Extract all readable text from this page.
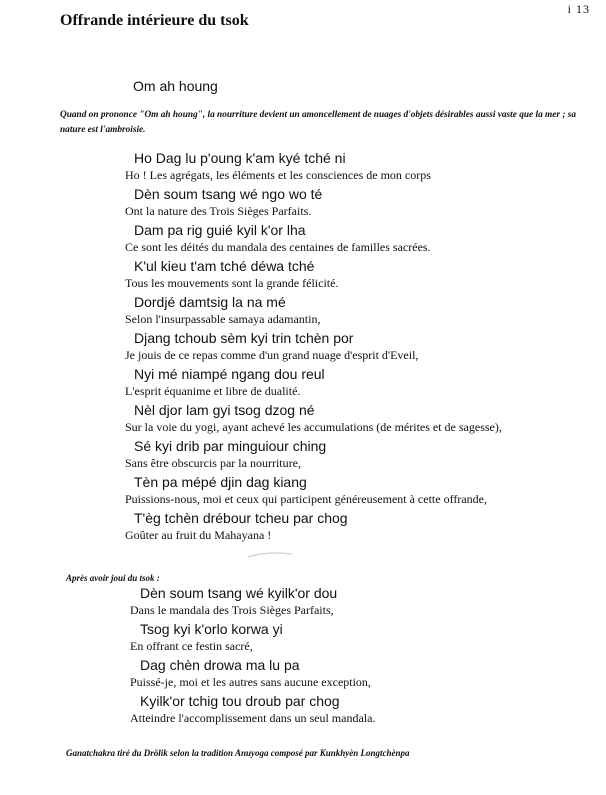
i 13
Offrande intérieure du tsok
Om ah houng
Quand on prononce "Om ah houng", la nourriture devient un amoncellement de nuages d'objets désirables aussi vaste que la mer ; sa nature est l'ambroisie.
Ho Dag lu p'oung k'am kyé tché ni
Ho ! Les agrégats, les éléments et les consciences de mon corps
Dèn soum tsang wé ngo wo té
Ont la nature des Trois Sièges Parfaits.
Dam pa rig guié kyil k'or lha
Ce sont les déités du mandala des centaines de familles sacrées.
K'ul kieu t'am tché déwa tché
Tous les mouvements sont la grande félicité.
Dordjé damtsig la na mé
Selon l'insurpassable samaya adamantin,
Djang tchoub sèm kyi trin tchèn por
Je jouis de ce repas comme d'un grand nuage d'esprit d'Eveil,
Nyi mé niampé ngang dou reul
L'esprit équanime et libre de dualité.
Nèl djor lam gyi tsog dzog né
Sur la voie du yogi, ayant achevé les accumulations (de mérites et de sagesse),
Sé kyi drib par minguiour ching
Sans être obscurcis par la nourriture,
Tèn pa mépé djin dag kiang
Puissions-nous, moi et ceux qui participent généreusement à cette offrande,
T'èg tchèn drébour tcheu par chog
Goûter au fruit du Mahayana !
Après avoir joui du tsok :
Dèn soum tsang wé kyilk'or dou
Dans le mandala des Trois Sièges Parfaits,
Tsog kyi k'orlo korwa yi
En offrant ce festin sacré,
Dag chèn drowa ma lu pa
Puissé-je, moi et les autres sans aucune exception,
Kyilk'or tchig tou droub par chog
Atteindre l'accomplissement dans un seul mandala.
Ganatchakra tiré du Drölik selon la tradition Anuyoga composé par Kunkhyèn Longtchènpa
